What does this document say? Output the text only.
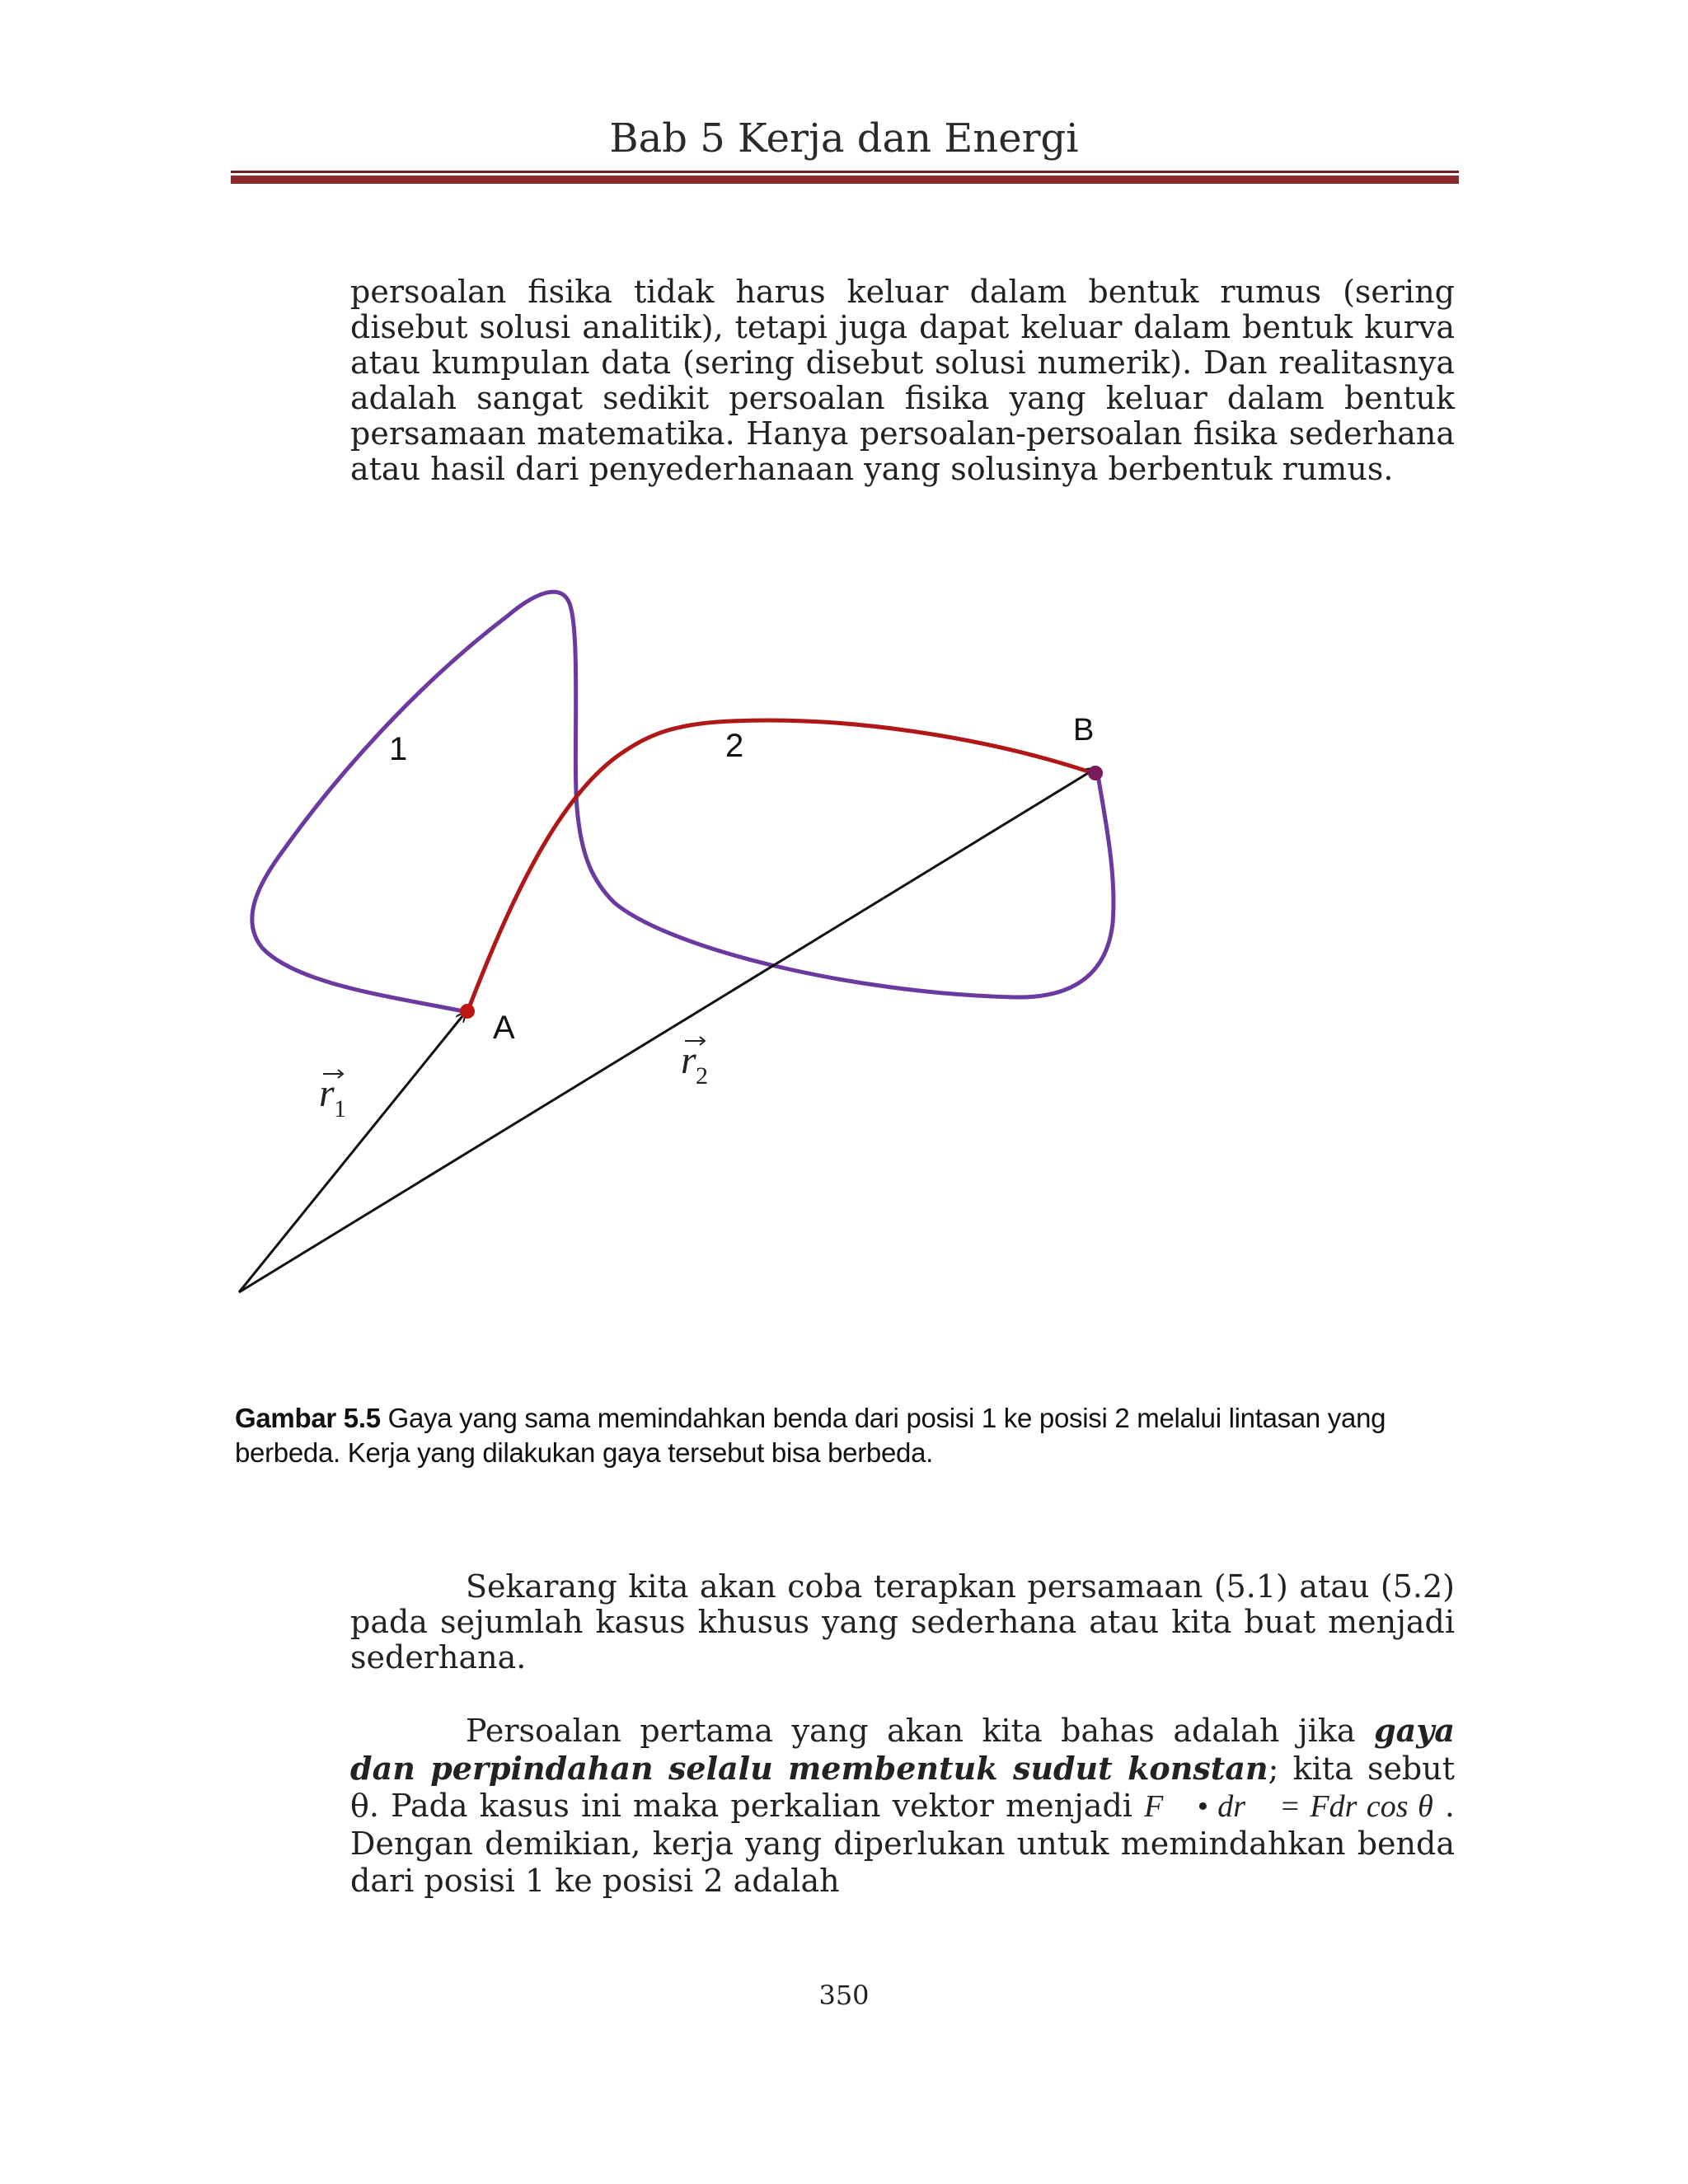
Bab 5 Kerja dan Energi
persoalan fisika tidak harus keluar dalam bentuk rumus (sering disebut solusi analitik), tetapi juga dapat keluar dalam bentuk kurva atau kumpulan data (sering disebut solusi numerik). Dan realitasnya adalah sangat sedikit persoalan fisika yang keluar dalam bentuk persamaan matematika. Hanya persoalan-persoalan fisika sederhana atau hasil dari penyederhanaan yang solusinya berbentuk rumus.
1	2	B
A
r 1
r 2
Gambar 5.5 Gaya yang sama memindahkan benda dari posisi 1 ke posisi 2 melalui lintasan yang berbeda. Kerja yang dilakukan gaya tersebut bisa berbeda.
Sekarang kita akan coba terapkan persamaan (5.1) atau (5.2) pada sejumlah kasus khusus yang sederhana atau kita buat menjadi sederhana.
Persoalan pertama yang akan kita bahas adalah jika gaya dan perpindahan selalu membentuk sudut konstan; kita sebut θ. Pada kasus ini maka perkalian vektor menjadi F⃗ • dr⃗ = Fdr cos θ . Dengan demikian, kerja yang diperlukan untuk memindahkan benda dari posisi 1 ke posisi 2 adalah
350
